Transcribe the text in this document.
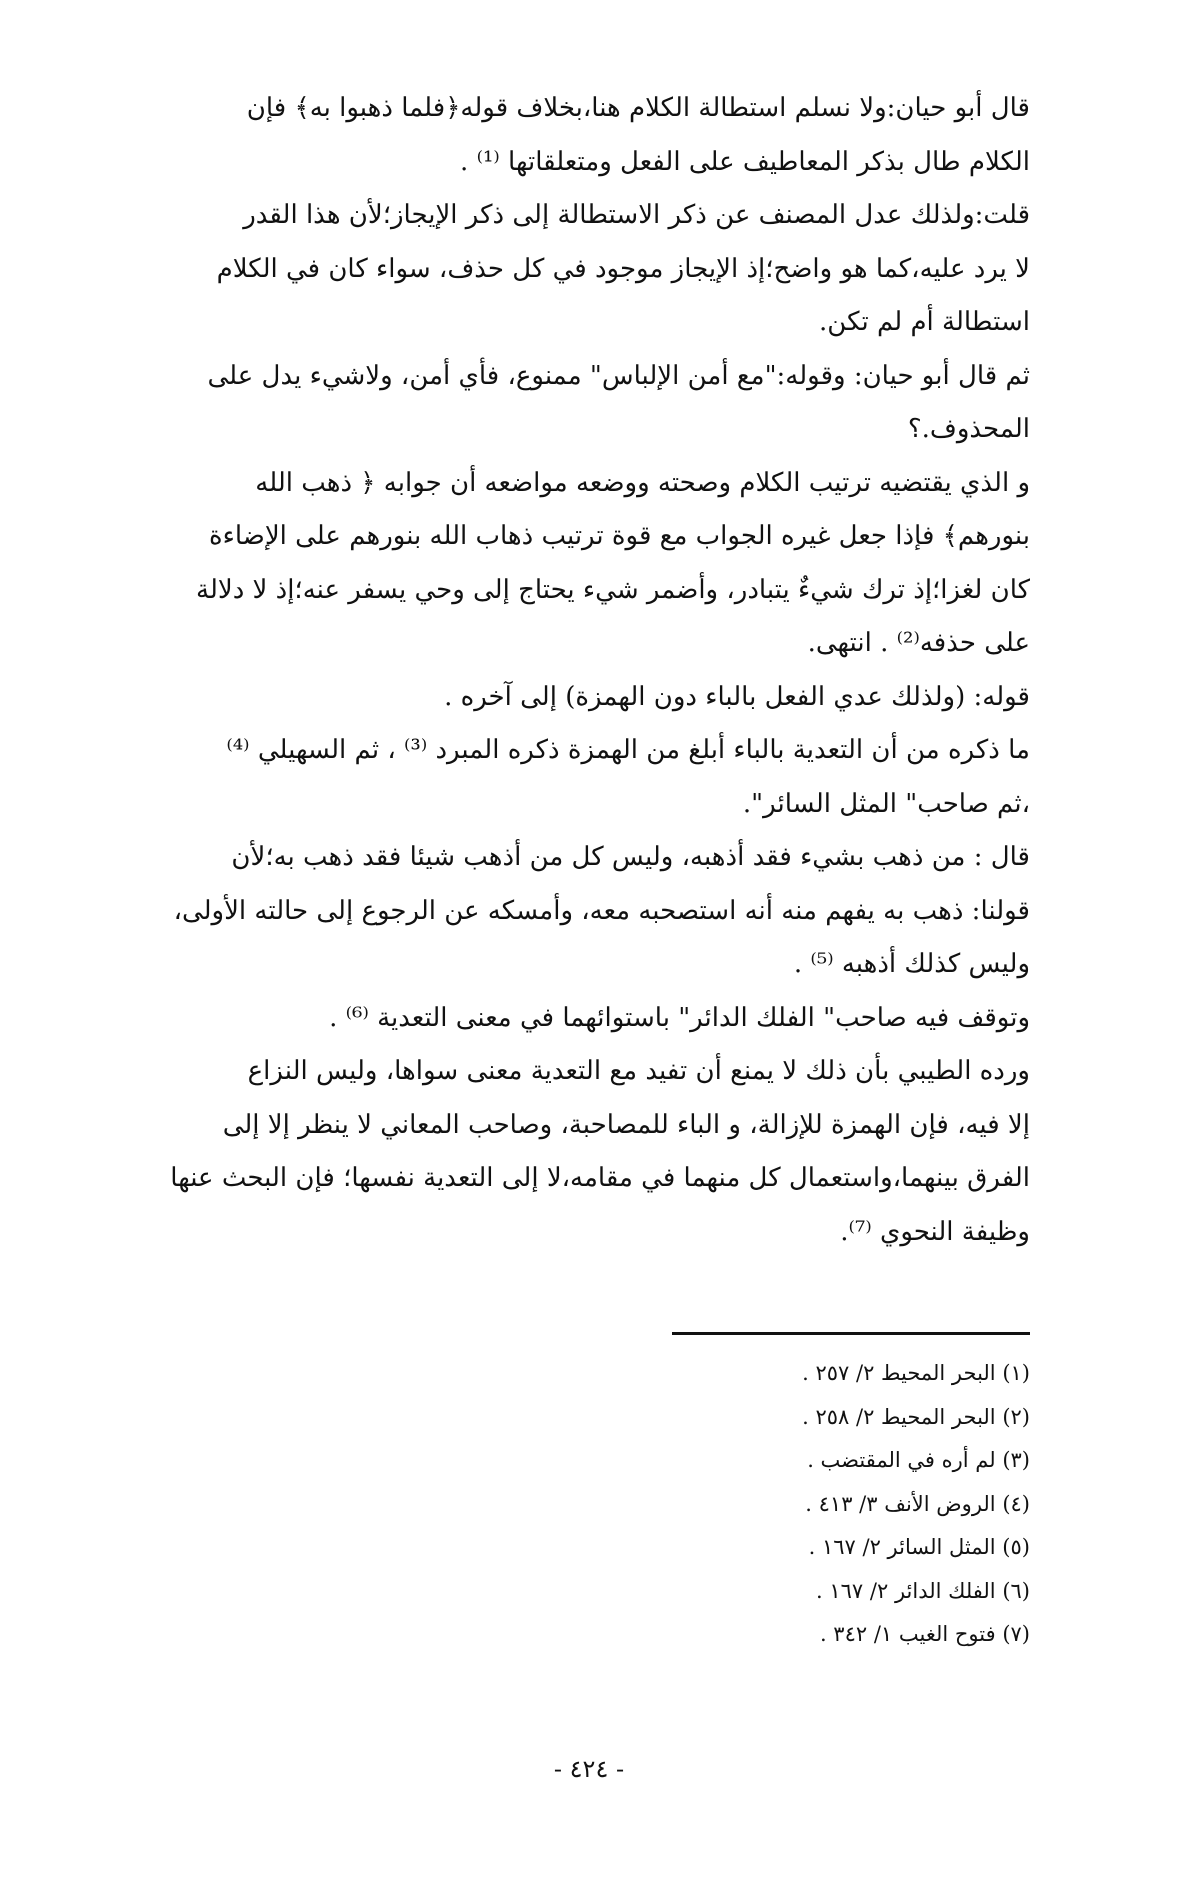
قال أبو حيان:ولا نسلم استطالة الكلام هنا،بخلاف قوله﴿فلما ذهبوا به﴾ فإن
الكلام طال بذكر المعاطيف على الفعل ومتعلقاتها ⁽¹⁾ .
قلت:ولذلك عدل المصنف عن ذكر الاستطالة إلى ذكر الإيجاز؛لأن هذا القدر
لا يرد عليه،كما هو واضح؛إذ الإيجاز موجود في كل حذف، سواء كان في الكلام
استطالة أم لم تكن.
ثم قال أبو حيان: وقوله:"مع أمن الإلباس" ممنوع، فأي أمن، ولاشيء يدل على
المحذوف.؟
و الذي يقتضيه ترتيب الكلام وصحته ووضعه مواضعه أن جوابه ﴿ ذهب الله
بنورهم﴾ فإذا جعل غيره الجواب مع قوة ترتيب ذهاب الله بنورهم على الإضاءة
كان لغزا؛إذ ترك شيءٌ يتبادر، وأضمر شيء يحتاج إلى وحي يسفر عنه؛إذ لا دلالة
على حذفه⁽²⁾ . انتهى.
قوله: (ولذلك عدي الفعل بالباء دون الهمزة) إلى آخره .
ما ذكره من أن التعدية بالباء أبلغ من الهمزة ذكره المبرد ⁽³⁾ ، ثم السهيلي ⁽⁴⁾
،ثم صاحب" المثل السائر".
قال : من ذهب بشيء فقد أذهبه، وليس كل من أذهب شيئا فقد ذهب به؛لأن
قولنا: ذهب به يفهم منه أنه استصحبه معه، وأمسكه عن الرجوع إلى حالته الأولى،
وليس كذلك أذهبه ⁽⁵⁾ .
وتوقف فيه صاحب" الفلك الدائر" باستوائهما في معنى التعدية ⁽⁶⁾ .
ورده الطيبي بأن ذلك لا يمنع أن تفيد مع التعدية معنى سواها، وليس النزاع
إلا فيه، فإن الهمزة للإزالة، و الباء للمصاحبة، وصاحب المعاني لا ينظر إلا إلى
الفرق بينهما،واستعمال كل منهما في مقامه،لا إلى التعدية نفسها؛ فإن البحث عنها
وظيفة النحوي ⁽⁷⁾.
(١) البحر المحيط ٢/ ٢٥٧ .
(٢) البحر المحيط ٢/ ٢٥٨ .
(٣) لم أره في المقتضب .
(٤) الروض الأنف ٣/ ٤١٣ .
(٥) المثل السائر ٢/ ١٦٧ .
(٦) الفلك الدائر ٢/ ١٦٧ .
(٧) فتوح الغيب ١/ ٣٤٢ .
- ٤٢٤ -
